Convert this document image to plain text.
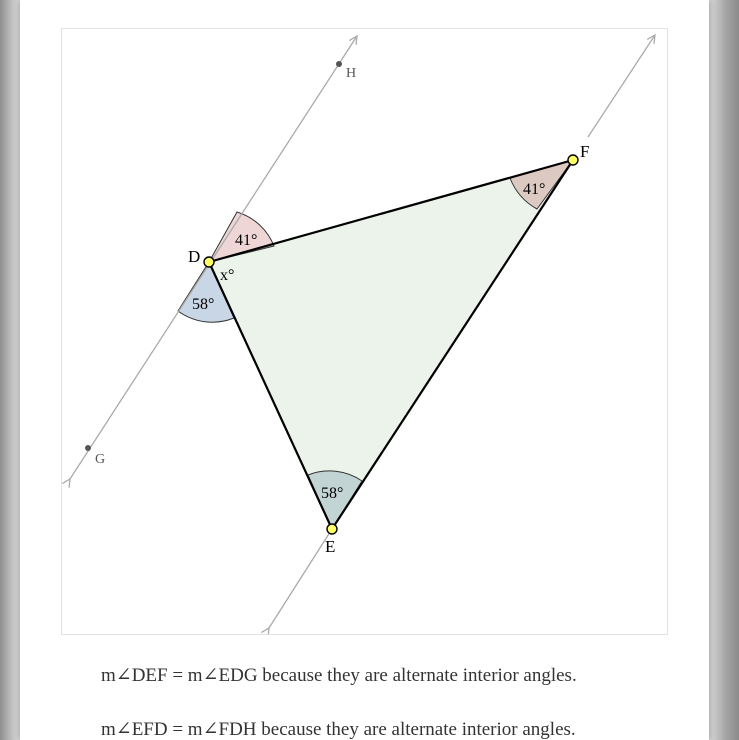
D
F
E
G
H
41°
41°
58°
58°
x°
m∠DEF = m∠EDG because they are alternate interior angles.
m∠EFD = m∠FDH because they are alternate interior angles.
